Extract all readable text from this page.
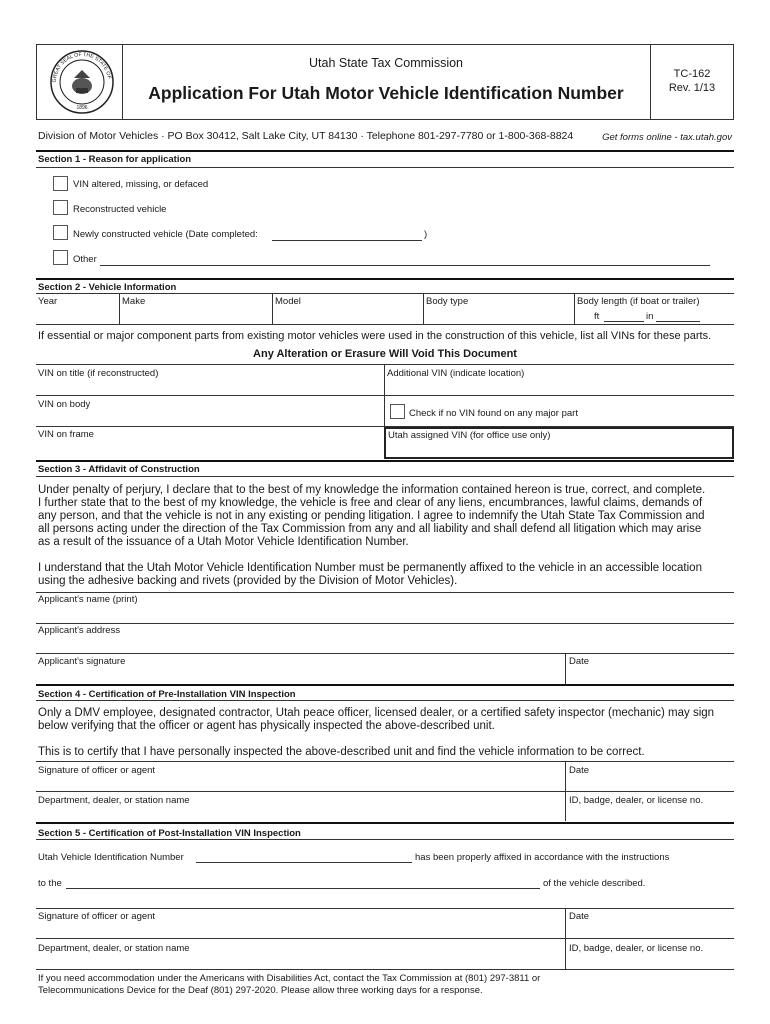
GREAT SEAL OF THE STATE OF
1896
Utah State Tax Commission
Application For Utah Motor Vehicle Identification Number
TC-162
Rev. 1/13
Division of Motor Vehicles · PO Box 30412, Salt Lake City, UT 84130 · Telephone 801-297-7780 or 1-800-368-8824	Get forms online - tax.utah.gov
Section 1 - Reason for application
VIN altered, missing, or defaced
Reconstructed vehicle
Newly constructed vehicle (Date completed:	)
Other
Section 2 - Vehicle Information
Year	Make	Model	Body type	Body length (if boat or trailer)
ft	in
If essential or major component parts from existing motor vehicles were used in the construction of this vehicle, list all VINs for these parts.
Any Alteration or Erasure Will Void This Document
VIN on title (if reconstructed)	Additional VIN (indicate location)
VIN on body
Check if no VIN found on any major part
VIN on frame	Utah assigned VIN (for office use only)
Section 3 - Affidavit of Construction
Under penalty of perjury, I declare that to the best of my knowledge the information contained hereon is true, correct, and complete.
I further state that to the best of my knowledge, the vehicle is free and clear of any liens, encumbrances, lawful claims, demands of
any person, and that the vehicle is not in any existing or pending litigation. I agree to indemnify the Utah State Tax Commission and
all persons acting under the direction of the Tax Commission from any and all liability and shall defend all litigation which may arise
as a result of the issuance of a Utah Motor Vehicle Identification Number.
I understand that the Utah Motor Vehicle Identification Number must be permanently affixed to the vehicle in an accessible location
using the adhesive backing and rivets (provided by the Division of Motor Vehicles).
Applicant's name (print)
Applicant's address
Applicant's signature	Date
Section 4 - Certification of Pre-Installation VIN Inspection
Only a DMV employee, designated contractor, Utah peace officer, licensed dealer, or a certified safety inspector (mechanic) may sign
below verifying that the officer or agent has physically inspected the above-described unit.
This is to certify that I have personally inspected the above-described unit and find the vehicle information to be correct.
Signature of officer or agent	Date
Department, dealer, or station name	ID, badge, dealer, or license no.
Section 5 - Certification of Post-Installation VIN Inspection
Utah Vehicle Identification Number	has been properly affixed in accordance with the instructions
to the	of the vehicle described.
Signature of officer or agent	Date
Department, dealer, or station name	ID, badge, dealer, or license no.
If you need accommodation under the Americans with Disabilities Act, contact the Tax Commission at (801) 297-3811 or
Telecommunications Device for the Deaf (801) 297-2020. Please allow three working days for a response.
